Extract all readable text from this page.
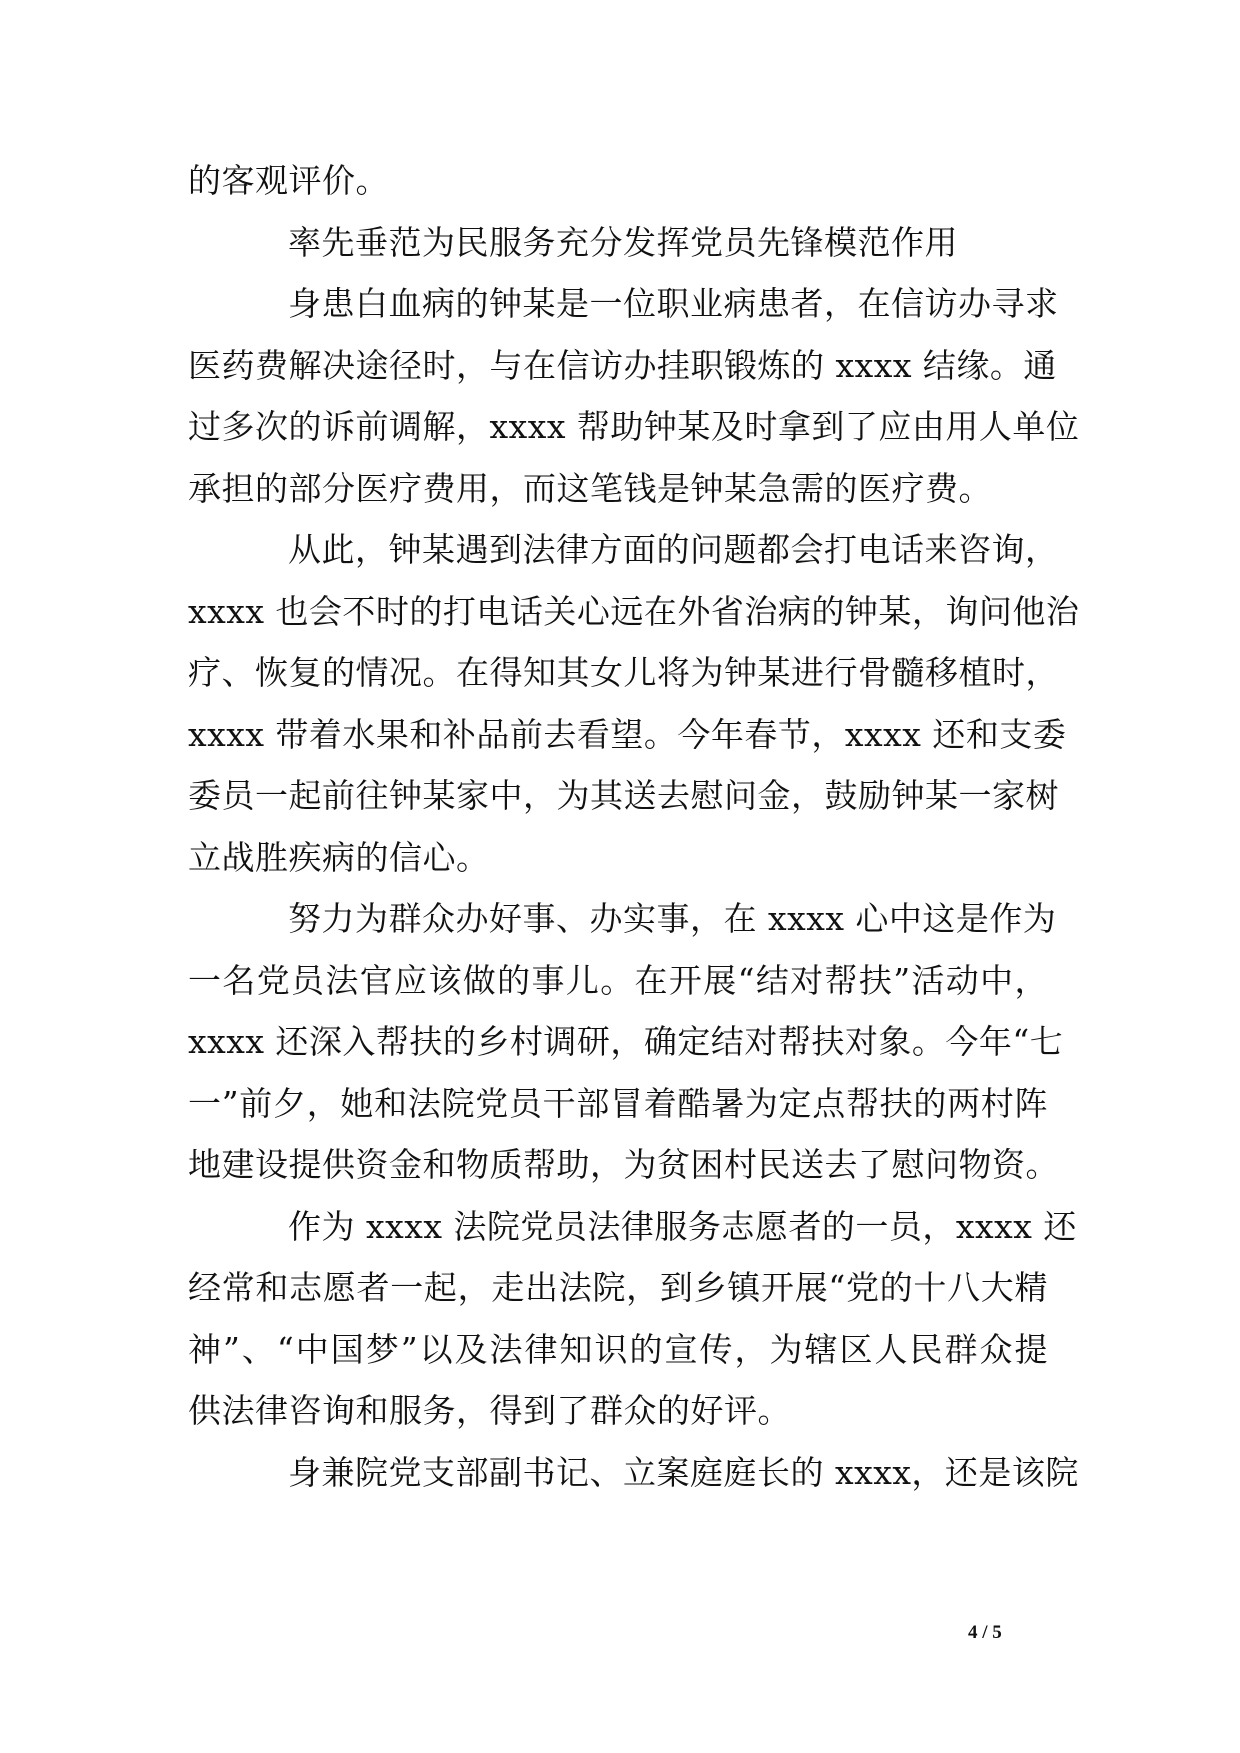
的客观评价。
率先垂范为民服务充分发挥党员先锋模范作用
身患白血病的钟某是一位职业病患者，在信访办寻求
医药费解决途径时，与在信访办挂职锻炼的 xxxx 结缘。通
过多次的诉前调解，xxxx 帮助钟某及时拿到了应由用人单位
承担的部分医疗费用，而这笔钱是钟某急需的医疗费。
从此，钟某遇到法律方面的问题都会打电话来咨询，
xxxx 也会不时的打电话关心远在外省治病的钟某，询问他治
疗、恢复的情况。在得知其女儿将为钟某进行骨髓移植时，
xxxx 带着水果和补品前去看望。今年春节，xxxx 还和支委
委员一起前往钟某家中，为其送去慰问金，鼓励钟某一家树
立战胜疾病的信心。
努力为群众办好事、办实事，在 xxxx 心中这是作为
一名党员法官应该做的事儿。在开展“结对帮扶”活动中，
xxxx 还深入帮扶的乡村调研，确定结对帮扶对象。今年“七
一”前夕，她和法院党员干部冒着酷暑为定点帮扶的两村阵
地建设提供资金和物质帮助，为贫困村民送去了慰问物资。
作为 xxxx 法院党员法律服务志愿者的一员，xxxx 还
经常和志愿者一起，走出法院，到乡镇开展“党的十八大精
神”、“中国梦”以及法律知识的宣传，为辖区人民群众提
供法律咨询和服务，得到了群众的好评。
身兼院党支部副书记、立案庭庭长的 xxxx，还是该院
4 / 5
